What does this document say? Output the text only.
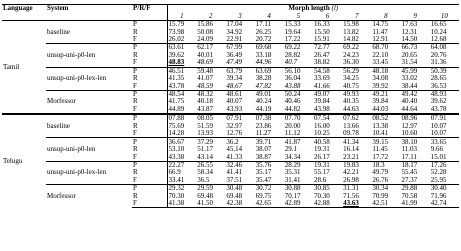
Language	System	P/R/F	Morph length (l)									
			1	2	3	4	5	6	7	8	9	10
Tamil	baseline	P	15.79	15.86	17.04	17.11	15.33	16.33	15.98	14.75	17.63	16.65
		R	73.98	50.08	34.92	26.25	19.64	15.50	13.82	11.47	12.31	10.24
		F	26.02	24.09	22.91	20.72	17.22	15.91	14.82	12.91	14.50	12.68
	unsup-uni-p0-len	P	63.61	62.17	67.99	69.68	69.22	72.77	69.22	68.70	66.73	64.08
		R	39.62	40.01	36.49	33.18	28.82	26.47	24.23	22.10	20.65	20.76
		F	48.83	48.69	47.49	44.96	40.7	38.82	36.30	33.45	31.54	31.36
	unsup-uni-p0-lex-len	P	46.51	59.48	63.79	63.69	56.10	54.58	56.29	48.18	45.99	50.39
		R	41.35	41.07	39.34	38.28	36.04	33.69	34.25	34.08	33.02	28.65
		F	43.78	48.59	48.67	47.82	43.88	41.66	40.75	39.92	38.44	36.53
	Morfessor	P	48.54	48.32	48.61	49.01	50.24	49.07	49.93	49.21	49.42	48.93
		R	41.75	40.18	40.07	40.24	40.46	39.84	40.35	39.84	40.40	39.62
		F	44.89	43.87	43.93	44.19	44.82	43.98	44.63	44.03	44.64	43.78
Telugu	baseline	P	07.88	08.05	07.91	07.38	07.70	07.54	07.62	08.52	08.96	07.91
		R	75.69	51.59	32.97	23.86	20.00	16.00	13.66	13.38	12.97	10.07
		F	14.28	13.93	12.76	11.27	11.12	10.25	09.78	10.41	10.60	10.07
	unsup-uni-p0-len	P	36.67	37.29	36.2	39.71	41.87	40.58	41.34	39.15	38.10	33.65
		R	53.10	51.17	45.14	38.07	29.1	19.31	16.14	11.45	11.03	9.66
		F	43.38	43.14	41.33	38.87	34.34	26.17	23.21	17.72	17.11	15.01
	unsup-uni-p0-lex-len	P	22.27	26.55	32.46	35.76	28.29	19.31	19.83	18.3	18.17	17.26
		R	66.9	58.34	41.41	35.17	35.31	55.17	42.21	49.79	55.45	52.28
		F	33.41	36.5	37.51	35.47	31.41	28.6	26.98	26.76	27.37	25.95
	Morfessor	P	29.32	29.59	30.48	30.72	30.88	30.85	31.31	30.34	29.88	30.40
		R	70.30	69.48	69.48	69.75	70.17	70.30	71.56	70.99	70.58	71.96
		F	41.38	41.50	42.38	42.65	42.89	42.88	43.63	42.51	41.99	42.74
